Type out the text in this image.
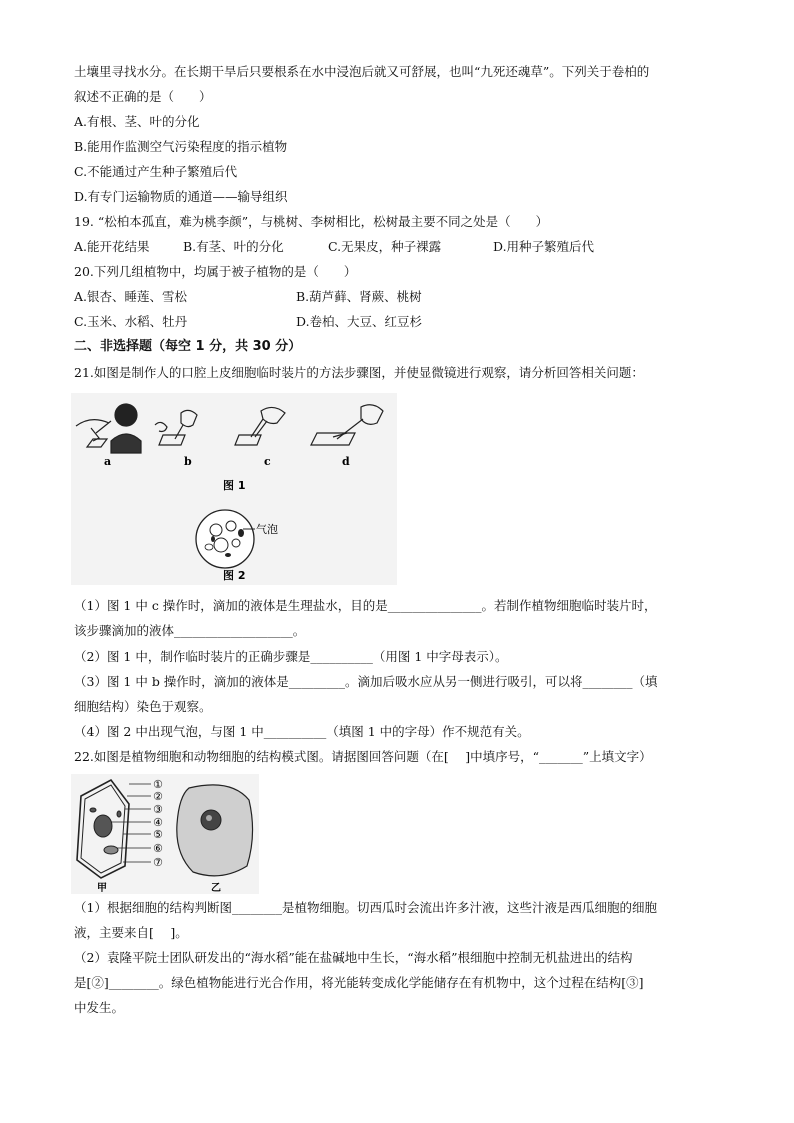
土壤里寻找水分。在长期干旱后只要根系在水中浸泡后就又可舒展，也叫“九死还魂草”。下列关于卷柏的
叙述不正确的是（　　）
A.有根、茎、叶的分化
B.能用作监测空气污染程度的指示植物
C.不能通过产生种子繁殖后代
D.有专门运输物质的通道——输导组织
19. “松柏本孤直，难为桃李颜”，与桃树、李树相比，松树最主要不同之处是（　　）
A.能开花结果	B.有茎、叶的分化	C.无果皮，种子裸露	D.用种子繁殖后代
20.下列几组植物中，均属于被子植物的是（　　）
A.银杏、睡莲、雪松	B.葫芦藓、肾蕨、桃树
C.玉米、水稻、牡丹	D.卷柏、大豆、红豆杉
二、非选择题（每空 1 分，共 30 分）
21.如图是制作人的口腔上皮细胞临时装片的方法步骤图，并使显微镜进行观察，请分析回答相关问题：
a	b	c	d
图 1
气泡
图 2
（1）图 1 中 c 操作时，滴加的液体是生理盐水，目的是_______________。若制作植物细胞临时装片时，
该步骤滴加的液体___________________。
（2）图 1 中，制作临时装片的正确步骤是__________（用图 1 中字母表示）。
（3）图 1 中 b 操作时，滴加的液体是_________。滴加后吸水应从另一侧进行吸引，可以将________（填
细胞结构）染色于观察。
（4）图 2 中出现气泡，与图 1 中__________（填图 1 中的字母）作不规范有关。
22.如图是植物细胞和动物细胞的结构模式图。请据图回答问题（在[　 ]中填序号，“_______”上填文字）
①
②
③
④
⑤
⑥
⑦
甲	乙
（1）根据细胞的结构判断图________是植物细胞。切西瓜时会流出许多汁液，这些汁液是西瓜细胞的细胞
液，主要来自[　 ]。
（2）袁隆平院士团队研发出的“海水稻”能在盐碱地中生长，“海水稻”根细胞中控制无机盐进出的结构
是[②]________。绿色植物能进行光合作用，将光能转变成化学能储存在有机物中，这个过程在结构[③]
中发生。
